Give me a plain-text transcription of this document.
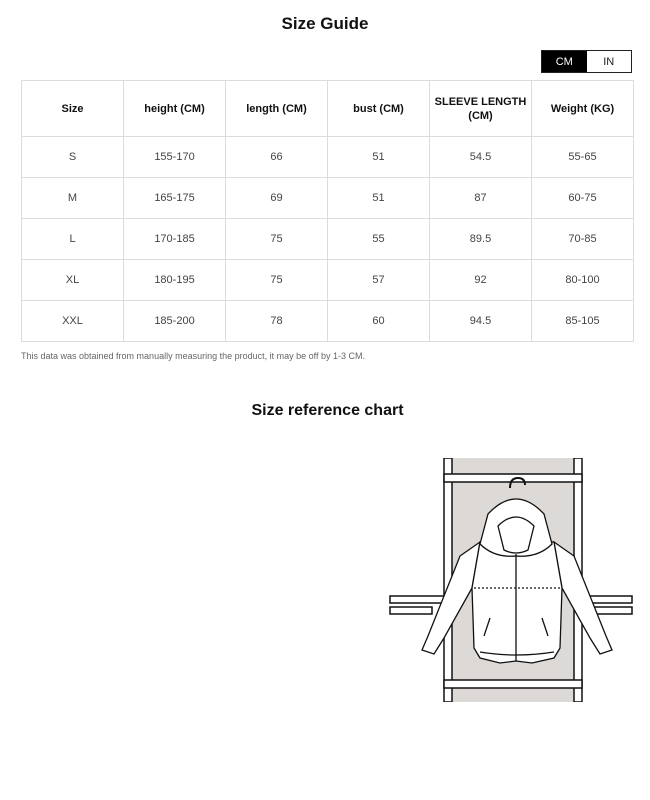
Size Guide
CM	IN
Size	height (CM)	length (CM)	bust (CM)	SLEEVE LENGTH (CM)	Weight (KG)
S	155-170	66	51	54.5	55-65
M	165-175	69	51	87	60-75
L	170-185	75	55	89.5	70-85
XL	180-195	75	57	92	80-100
XXL	185-200	78	60	94.5	85-105
This data was obtained from manually measuring the product, it may be off by 1-3 CM.
Size reference chart
